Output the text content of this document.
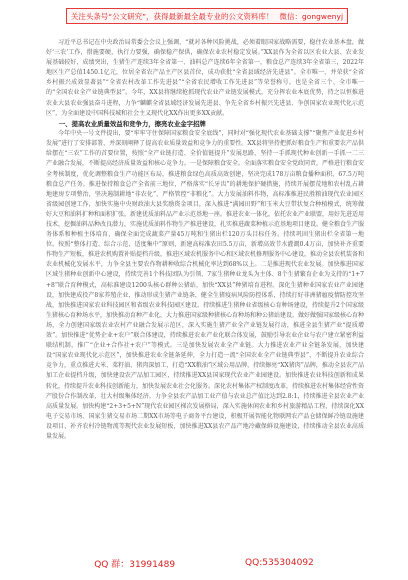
关注头条号“公文研究”，获得最新最全最专业的公文资料库！ 微信：gongwenyj

习近平总书记在中央政治局常委会会议上强调，“就对各种风险挑战，必须着眼国家战略需要，稳住农业基本盘，做好‘三农’工作，措施要硬，执行力要强，确保稳产保供，确保农业农村稳定发展。”XX县作为全省以区农业大县、农业发展基础较好，成绩突出，生猪生产连续3年全省第一、油料总产连续6年全省第一，粮食总产连续3年全省第三，2022年地区生产总值1450.1亿元，位居全省农产品主产区县首位，成功获批“全省县域经济先进县”。全市唯一、并荣获“全省乡村振兴成效显著县”“全省农村改革工作先进县”“全省农民增收工作先进县”等荣誉称号。也是全省三个、全市唯一的“全国农业全产业链典型县”。今年，XX县将继续抢抓现代农业产业链发展模式，充分挥农业本底优势，持之以恒推进农业大县农业强县奋斗进程，力争“麟麒全省县域经济发展先进县、争先全省乡村振兴先进县、争创国家农业现代化示范区”，为全面建设中国科技城和社会主义现代化XX作出更多XX贡献。

一、提高农业质量效益和竞争力，擦亮农业金字招牌

今年中央一号文件提出，要“牢牢守住保障国家粮食安全底线”，同时对“强化现代农业基础支撑”“聚焦产业促进乡村发展”进行了安排部署，并深刻阐释了提高农业质量效益和竞争力的重要性。XX县将坚持把抓好粮食生产和重要农产品供给摆在“三农”工作的首要位置，按照“全产业链打造、全价值链提升”发展思路，坚持一手抓现代种业创新一手抓一二三产业融合发展，不断提高经济质量效益和核心竞争力。一是保障粮食安全。全面落实粮食安全党政同责，严格进行粮食安全考核制度，优化调整粮食生产功能区布局，推进粮食绿色高质高效创建，坚决完成178万亩粮食播种面积、67.5万吨粮食总产任务。推进保持粮食总产全省前三地位，严格落实“长牙齿”的耕地保护硬措施，持续开展摆荒地和农村乱占耕地建房专项整治，坚决遏制耕地“非农化”、严格管控“非粮化”。大力发展油料作物，高标准推进民胜粮油现代农业园区省级园创建工作，加快实施中央财政油大县奖励资金项目，深入推进“满园田野”和玉米大豆带状复合种植模式，统筹做好大豆和油料扩种和面积扩张，新建优质油料品产业示范基地一座。推进农业一体化，依托农业产业联盟，用好先进适用技术，挖掘油料品种改良潜力，实施优质油料作物生产推进建设，扎实推进蔬菜种植示范基地项目建设。健全粮食生产服务体系和种植主体培育，确保全面完成蔬菜产量45万吨和生猪出栏120万头目标任务。持续巩固生猪出栏全省第一地位。按照“整体打造、综合示范、适度集中”原则，新建高标准农田5.5万亩，新增高效节水灌溉0.4万亩，加快补齐重要作物生产短板，推进农机购置补贴提档升级，推进区域农机服务中心和区域农机修理服务中心建设，推动全县农机装备和农业机械化发展水平，力争全县主要农作物耕种收综合机械化率达到68%以上。二是推进现代农业发展。加快推进国家区域生猪种业创新中心建设，持续完善1个科技团队为引领、7家生猪种业龙头为主体、8个生猪繁育企业为支持的“1+7+8”联合育种模式，高标准建设1200头核心群种公猪站，加快“XX县”种猪培育进程。深化生猪种业国家农业产业园建设，加快建成投产8家养殖企业，推动形成生猪产业链条，健全生猪疫病风险防控体系，持续打好非洲猪瘟疫情防控攻坚战，加快推进国家农业科技园区和省级农业科技园区建设。持续推进生猪种业省级核心育种场建设，持续提升2个国家级生猪核心育种场水平，加快推动育种产业化，大力推进国家级种猪核心育种场和种公猪站建设。做好做强国家级核心育种场，全力创建国家级农业农村产业融合发展示范区，深入实施生猪产业全产业链发展行动，推进全县生猪产业“提质增效”。加快推进“优势企业+农户”联合体建设，持续推进农业产业化联合体发展，鼓励引导农业企业与农户建立紧密利益联结机制，推广“企业+合作社+农户”等模式。三是加快发展农业全产业链。大力推进农业产业全链条发展，加快建设“国家农业现代化示范区”，加快推进农业全链条延伸，全力打造一流“全国农业全产业链典型县”，不断提升农业综合竞争力，重点推进大米、菜籽油、猪肉深加工，打造“XX粮油”区域公用品牌，持续擦亮“XX猪肉”品牌，推动全县农产品加工企业提档升级，加快建设农产品加工园区，持续推进XX县国家现代农业产业园建设。加快推进农业科技创新和成果转化，持续提升农业科技创新能力，加快发展农业社会化服务。深化农村集体产权制度改革，持续推进农村集体经营性资产股份合作制改革，壮大村级集体经济。力争全县农产品加工业产值与农业总产值比达到2.8:1，持续推进全县农业产业高质量发展。加快构建“2+3+5+N”现代农业园区梯次发展格局，深入实施休闲农业和乡村旅游精品工程，持续深化XX电子交易市场、国家生猪交易市场二期XX市场等电子商务平台建设，积极开展智能化物联网农产品仓储保鲜冷链设施建设项目，补齐农村冷链物流等现代农业发展短板，加快推进XX县农产品产地冷藏保鲜设施建设，持续推动全县农业高质量发展。

QQ 群：31991489	QQ:535304092
